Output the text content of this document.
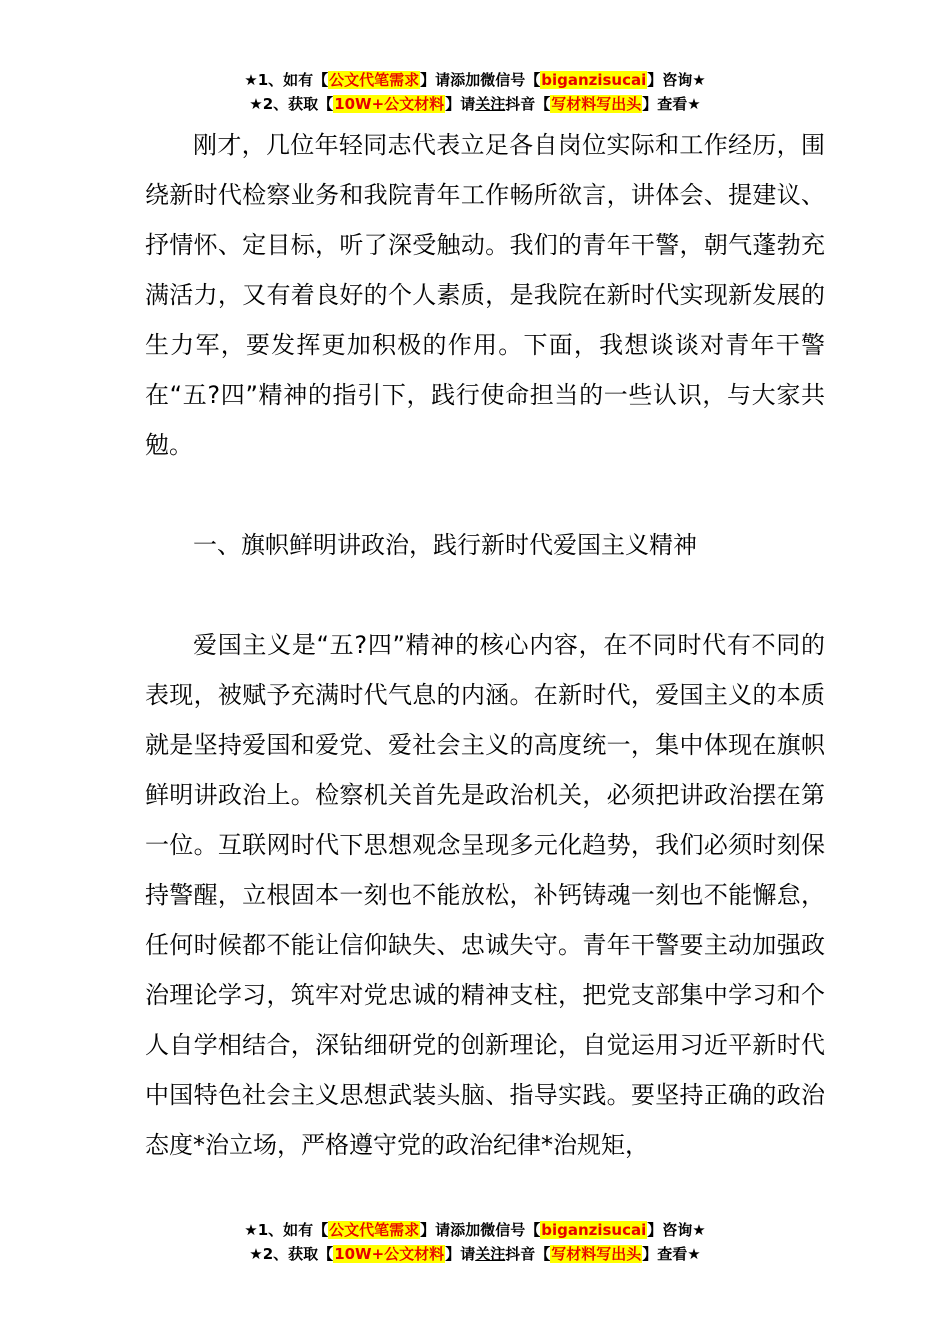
★1、如有【公文代笔需求】请添加微信号【biganzisucai】咨询★
★2、获取【10W+公文材料】请关注抖音【写材料写出头】查看★

刚才，几位年轻同志代表立足各自岗位实际和工作经历，围绕新时代检察业务和我院青年工作畅所欲言，讲体会、提建议、抒情怀、定目标，听了深受触动。我们的青年干警，朝气蓬勃充满活力，又有着良好的个人素质，是我院在新时代实现新发展的生力军，要发挥更加积极的作用。下面，我想谈谈对青年干警在“五?四”精神的指引下，践行使命担当的一些认识，与大家共勉。

一、旗帜鲜明讲政治，践行新时代爱国主义精神

爱国主义是“五?四”精神的核心内容，在不同时代有不同的表现，被赋予充满时代气息的内涵。在新时代，爱国主义的本质就是坚持爱国和爱党、爱社会主义的高度统一，集中体现在旗帜鲜明讲政治上。检察机关首先是政治机关，必须把讲政治摆在第一位。互联网时代下思想观念呈现多元化趋势，我们必须时刻保持警醒，立根固本一刻也不能放松，补钙铸魂一刻也不能懈怠，任何时候都不能让信仰缺失、忠诚失守。青年干警要主动加强政治理论学习，筑牢对党忠诚的精神支柱，把党支部集中学习和个人自学相结合，深钻细研党的创新理论，自觉运用习近平新时代中国特色社会主义思想武装头脑、指导实践。要坚持正确的政治态度*治立场，严格遵守党的政治纪律*治规矩，

★1、如有【公文代笔需求】请添加微信号【biganzisucai】咨询★
★2、获取【10W+公文材料】请关注抖音【写材料写出头】查看★
